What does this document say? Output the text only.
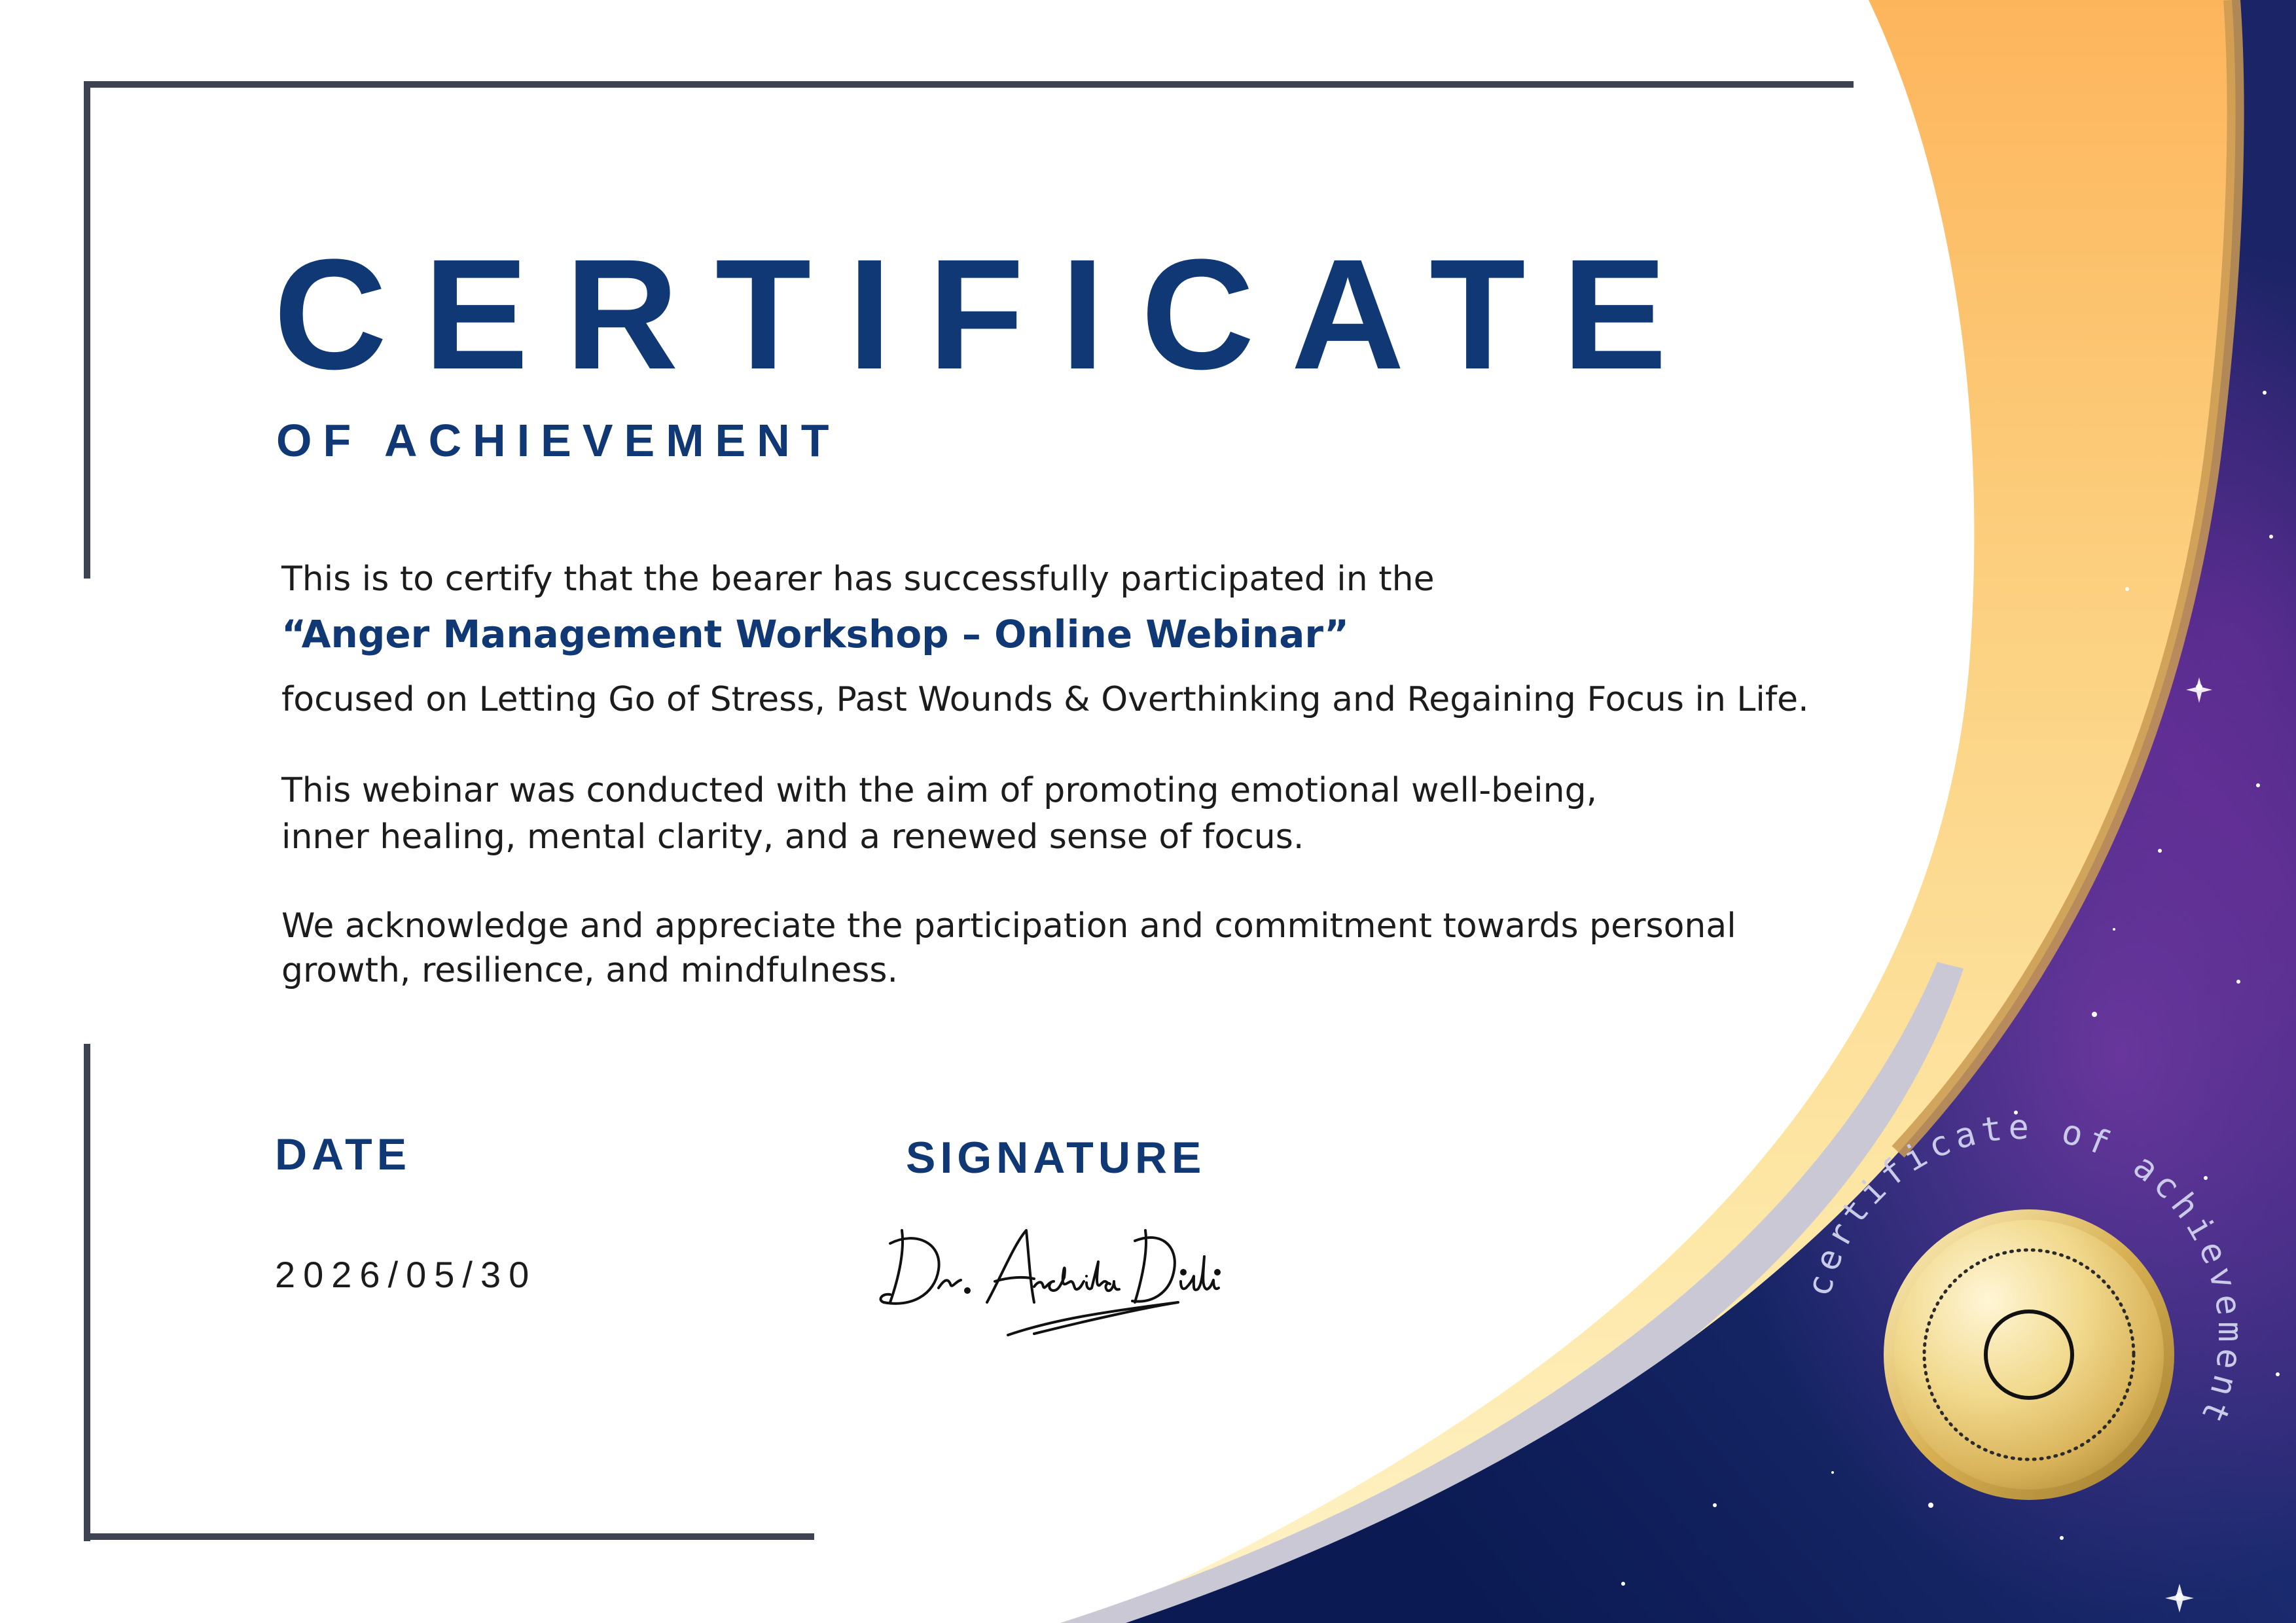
CERTIFICATE
OF ACHIEVEMENT
This is to certify that the bearer has successfully participated in the
“Anger Management Workshop – Online Webinar”
focused on Letting Go of Stress, Past Wounds & Overthinking and Regaining Focus in Life.
This webinar was conducted with the aim of promoting emotional well-being,
inner healing, mental clarity, and a renewed sense of focus.
We acknowledge and appreciate the participation and commitment towards personal
growth, resilience, and mindfulness.
DATE
2026/05/30
SIGNATURE
certificate of achievement
